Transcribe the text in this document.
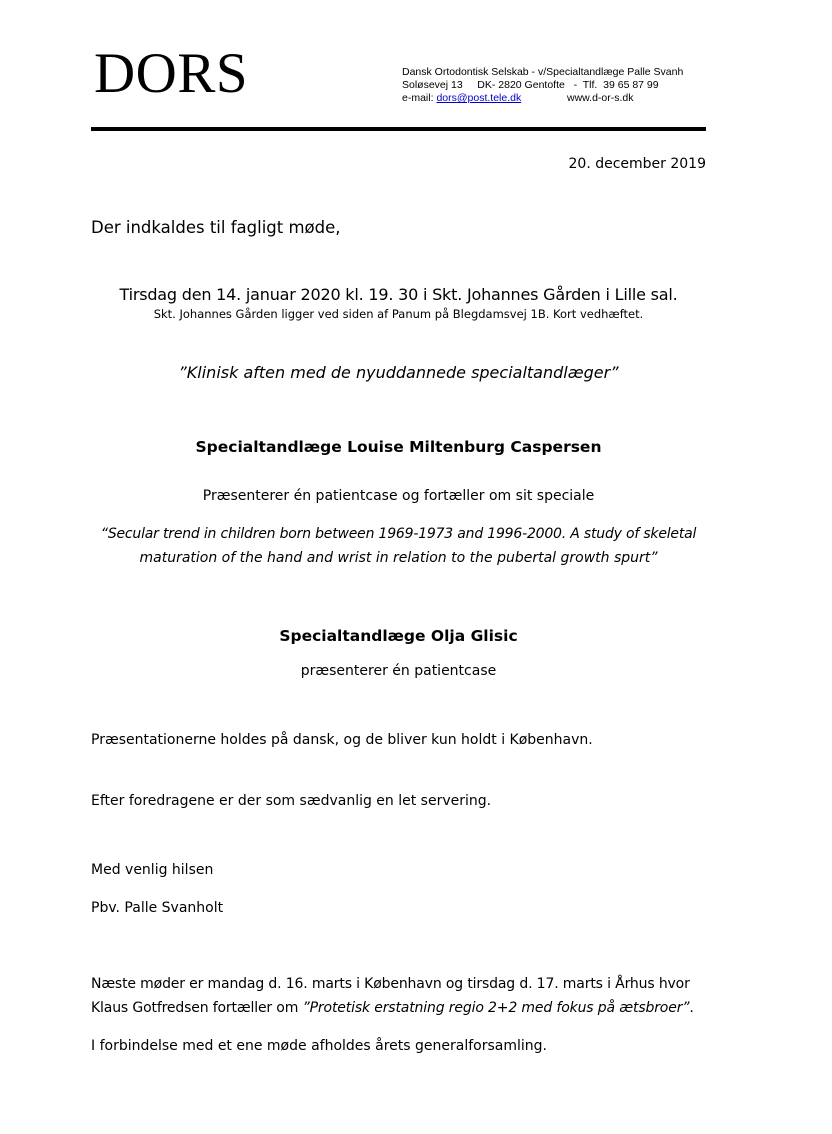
DORS	Dansk Ortodontisk Selskab - v/Specialtandlæge Palle Svanh
Soløsevej 13     DK- 2820 Gentofte   -  Tlf.  39 65 87 99
e-mail: dors@post.tele.dk	www.d-or-s.dk
20. december 2019
Der indkaldes til fagligt møde,
Tirsdag den 14. januar 2020 kl. 19. 30 i Skt. Johannes Gården i Lille sal.
Skt. Johannes Gården ligger ved siden af Panum på Blegdamsvej 1B. Kort vedhæftet.
”Klinisk aften med de nyuddannede specialtandlæger”
Specialtandlæge Louise Miltenburg Caspersen
Præsenterer én patientcase og fortæller om sit speciale
“Secular trend in children born between 1969-1973 and 1996-2000. A study of skeletal
maturation of the hand and wrist in relation to the pubertal growth spurt”
Specialtandlæge Olja Glisic
præsenterer én patientcase
Præsentationerne holdes på dansk, og de bliver kun holdt i København.
Efter foredragene er der som sædvanlig en let servering.
Med venlig hilsen
Pbv. Palle Svanholt
Næste møder er mandag d. 16. marts i København og tirsdag d. 17. marts i Århus hvor
Klaus Gotfredsen fortæller om ”Protetisk erstatning regio 2+2 med fokus på ætsbroer”.
I forbindelse med et ene møde afholdes årets generalforsamling.
